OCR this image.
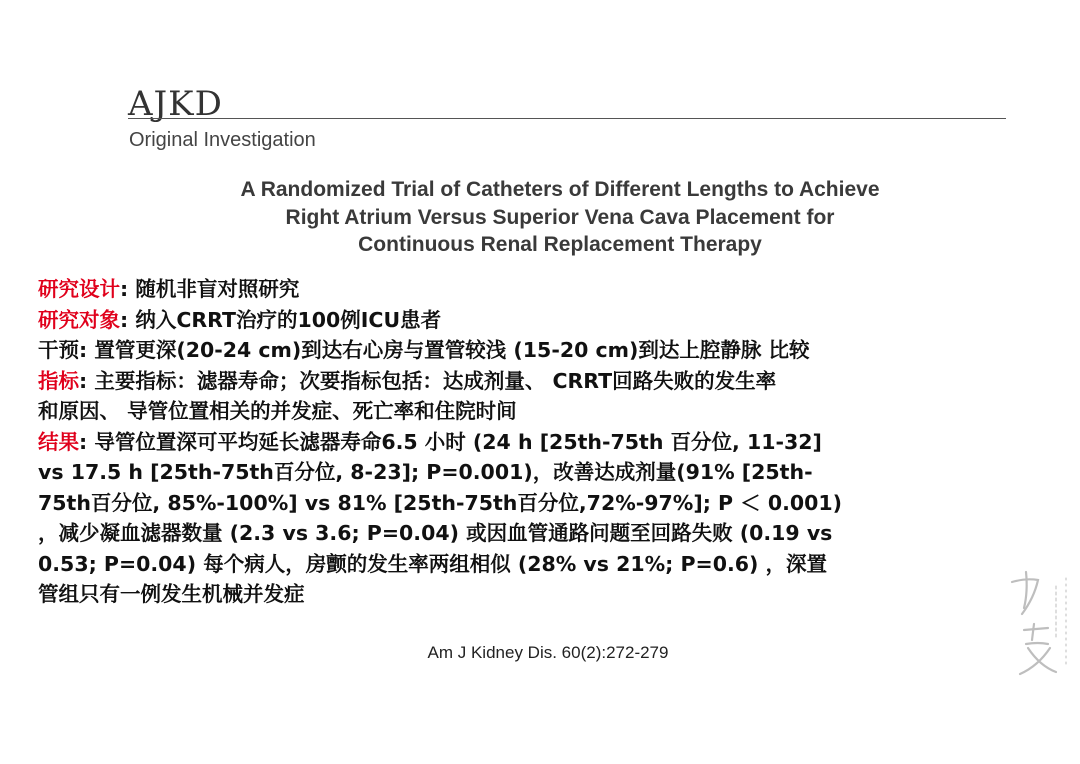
AJKD
Original Investigation
A Randomized Trial of Catheters of Different Lengths to Achieve
Right Atrium Versus Superior Vena Cava Placement for
Continuous Renal Replacement Therapy
研究设计: 随机非盲对照研究
研究对象: 纳入CRRT治疗的100例ICU患者
干预: 置管更深(20-24 cm)到达右心房与置管较浅 (15-20 cm)到达上腔静脉 比较
指标: 主要指标：滤器寿命；次要指标包括：达成剂量、 CRRT回路失败的发生率
和原因、 导管位置相关的并发症、死亡率和住院时间
结果: 导管位置深可平均延长滤器寿命6.5 小时 (24 h [25th-75th 百分位, 11-32]
vs 17.5 h [25th-75th百分位, 8-23]; P=0.001)，改善达成剂量(91% [25th-
75th百分位, 85%-100%] vs 81% [25th-75th百分位,72%-97%]; P ＜ 0.001)
，减少凝血滤器数量 (2.3 vs 3.6; P=0.04) 或因血管通路问题至回路失败 (0.19 vs
0.53; P=0.04) 每个病人，房颤的发生率两组相似 (28% vs 21%; P=0.6) ，深置
管组只有一例发生机械并发症
Am J Kidney Dis. 60(2):272-279
